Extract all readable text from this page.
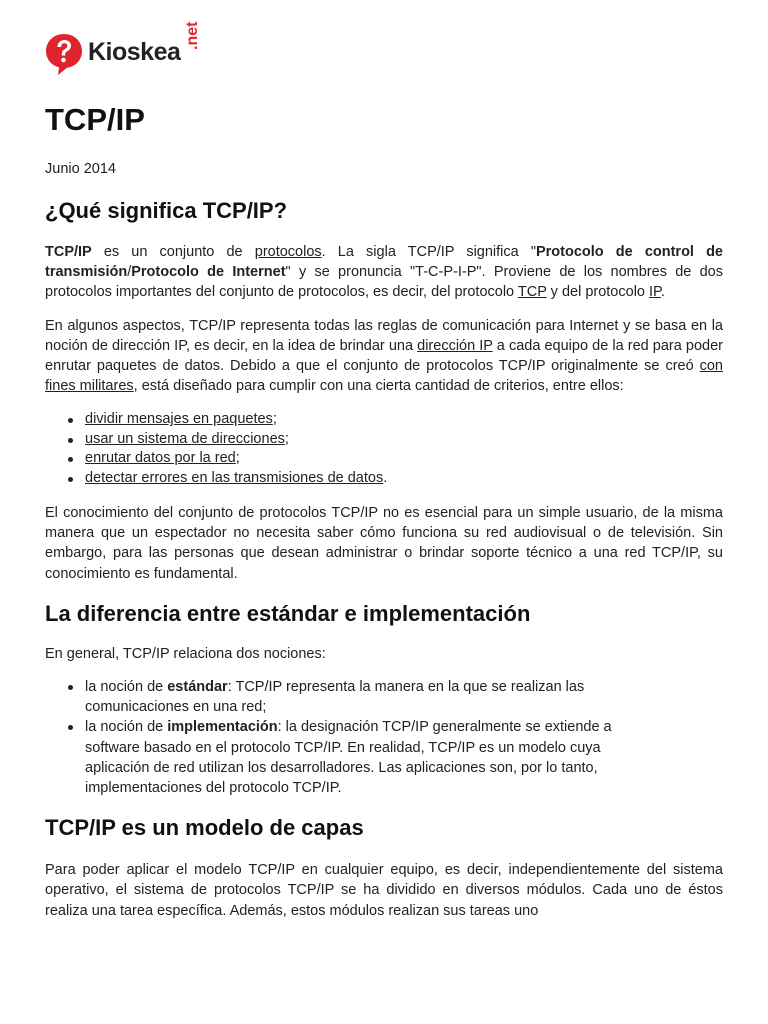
Kioskea
.net
TCP/IP
Junio 2014
¿Qué significa TCP/IP?

TCP/IP es un conjunto de protocolos. La sigla TCP/IP significa "Protocolo de control de transmisión/Protocolo de Internet" y se pronuncia "T-C-P-I-P". Proviene de los nombres de dos protocolos importantes del conjunto de protocolos, es decir, del protocolo TCP y del protocolo IP.

En algunos aspectos, TCP/IP representa todas las reglas de comunicación para Internet y se basa en la noción de dirección IP, es decir, en la idea de brindar una dirección IP a cada equipo de la red para poder enrutar paquetes de datos. Debido a que el conjunto de protocolos TCP/IP originalmente se creó con fines militares, está diseñado para cumplir con una cierta cantidad de criterios, entre ellos:

dividir mensajes en paquetes;
usar un sistema de direcciones;
enrutar datos por la red;
detectar errores en las transmisiones de datos.

El conocimiento del conjunto de protocolos TCP/IP no es esencial para un simple usuario, de la misma manera que un espectador no necesita saber cómo funciona su red audiovisual o de televisión. Sin embargo, para las personas que desean administrar o brindar soporte técnico a una red TCP/IP, su conocimiento es fundamental.

La diferencia entre estándar e implementación

En general, TCP/IP relaciona dos nociones:

la noción de estándar: TCP/IP representa la manera en la que se realizan las comunicaciones en una red;
la noción de implementación: la designación TCP/IP generalmente se extiende a software basado en el protocolo TCP/IP. En realidad, TCP/IP es un modelo cuya aplicación de red utilizan los desarrolladores. Las aplicaciones son, por lo tanto, implementaciones del protocolo TCP/IP.
TCP/IP es un modelo de capas

Para poder aplicar el modelo TCP/IP en cualquier equipo, es decir, independientemente del sistema operativo, el sistema de protocolos TCP/IP se ha dividido en diversos módulos. Cada uno de éstos realiza una tarea específica. Además, estos módulos realizan sus tareas uno
